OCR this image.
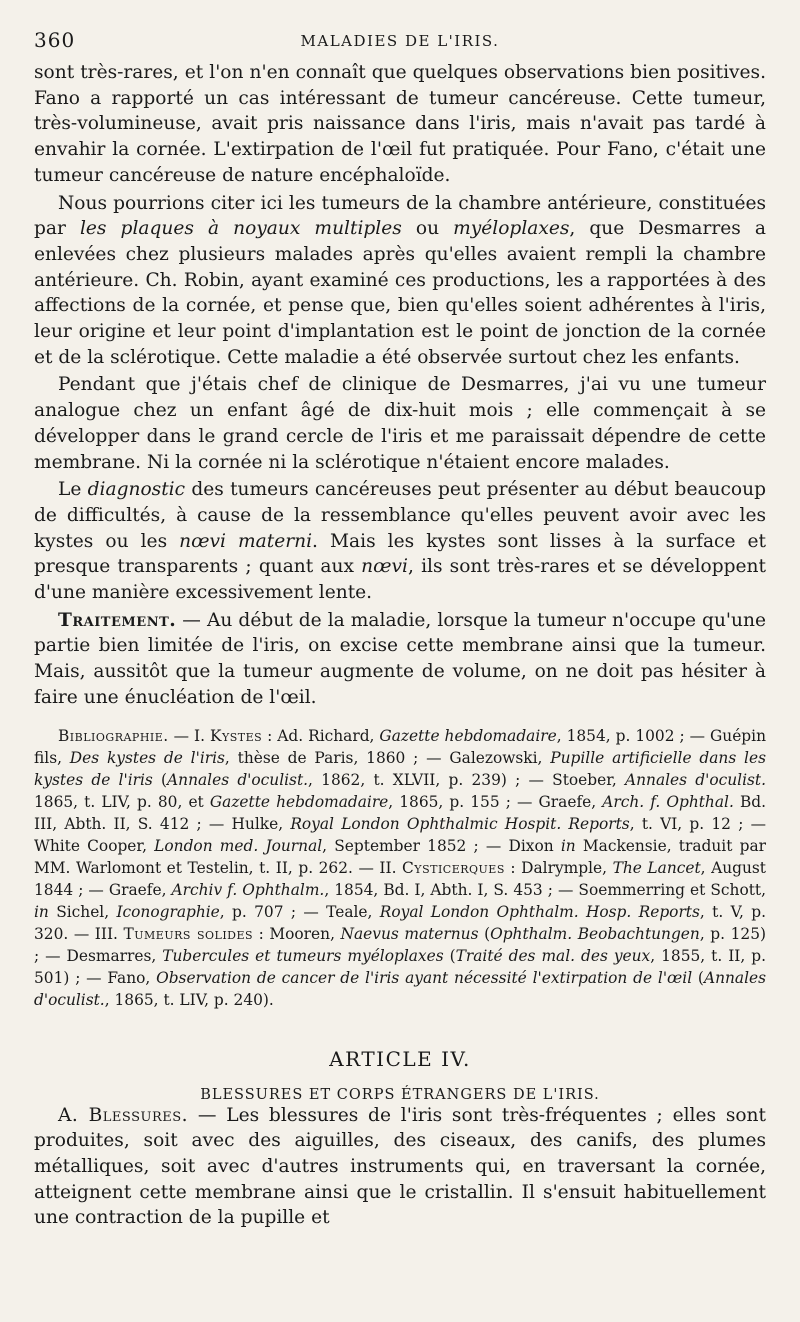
360	MALADIES DE L'IRIS.

sont très-rares, et l'on n'en connaît que quelques observations bien positives. Fano a rapporté un cas intéressant de tumeur cancéreuse. Cette tumeur, très-volumineuse, avait pris naissance dans l'iris, mais n'avait pas tardé à envahir la cornée. L'extirpation de l'œil fut pratiquée. Pour Fano, c'était une tumeur cancéreuse de nature encéphaloïde.

Nous pourrions citer ici les tumeurs de la chambre antérieure, constituées par les plaques à noyaux multiples ou myéloplaxes, que Desmarres a enlevées chez plusieurs malades après qu'elles avaient rempli la chambre antérieure. Ch. Robin, ayant examiné ces productions, les a rapportées à des affections de la cornée, et pense que, bien qu'elles soient adhérentes à l'iris, leur origine et leur point d'implantation est le point de jonction de la cornée et de la sclérotique. Cette maladie a été observée surtout chez les enfants.

Pendant que j'étais chef de clinique de Desmarres, j'ai vu une tumeur analogue chez un enfant âgé de dix-huit mois ; elle commençait à se développer dans le grand cercle de l'iris et me paraissait dépendre de cette membrane. Ni la cornée ni la sclérotique n'étaient encore malades.

Le diagnostic des tumeurs cancéreuses peut présenter au début beaucoup de difficultés, à cause de la ressemblance qu'elles peuvent avoir avec les kystes ou les nœvi materni. Mais les kystes sont lisses à la surface et presque transparents ; quant aux nœvi, ils sont très-rares et se développent d'une manière excessivement lente.

Traitement. — Au début de la maladie, lorsque la tumeur n'occupe qu'une partie bien limitée de l'iris, on excise cette membrane ainsi que la tumeur. Mais, aussitôt que la tumeur augmente de volume, on ne doit pas hésiter à faire une énucléation de l'œil.

Bibliographie. — I. Kystes : Ad. Richard, Gazette hebdomadaire, 1854, p. 1002 ; — Guépin fils, Des kystes de l'iris, thèse de Paris, 1860 ; — Galezowski, Pupille artificielle dans les kystes de l'iris (Annales d'oculist., 1862, t. XLVII, p. 239) ; — Stoeber, Annales d'oculist. 1865, t. LIV, p. 80, et Gazette hebdomadaire, 1865, p. 155 ; — Graefe, Arch. f. Ophthal. Bd. III, Abth. II, S. 412 ; — Hulke, Royal London Ophthalmic Hospit. Reports, t. VI, p. 12 ; — White Cooper, London med. Journal, September 1852 ; — Dixon in Mackensie, traduit par MM. Warlomont et Testelin, t. II, p. 262. — II. Cysticerques : Dalrymple, The Lancet, August 1844 ; — Graefe, Archiv f. Ophthalm., 1854, Bd. I, Abth. I, S. 453 ; — Soemmerring et Schott, in Sichel, Iconographie, p. 707 ; — Teale, Royal London Ophthalm. Hosp. Reports, t. V, p. 320. — III. Tumeurs solides : Mooren, Naevus maternus (Ophthalm. Beobachtungen, p. 125) ; — Desmarres, Tubercules et tumeurs myéloplaxes (Traité des mal. des yeux, 1855, t. II, p. 501) ; — Fano, Observation de cancer de l'iris ayant nécessité l'extirpation de l'œil (Annales d'oculist., 1865, t. LIV, p. 240).
ARTICLE IV.
BLESSURES ET CORPS ÉTRANGERS DE L'IRIS.

A. Blessures. — Les blessures de l'iris sont très-fréquentes ; elles sont produites, soit avec des aiguilles, des ciseaux, des canifs, des plumes métalliques, soit avec d'autres instruments qui, en traversant la cornée, atteignent cette membrane ainsi que le cristallin. Il s'ensuit habituellement une contraction de la pupille et
